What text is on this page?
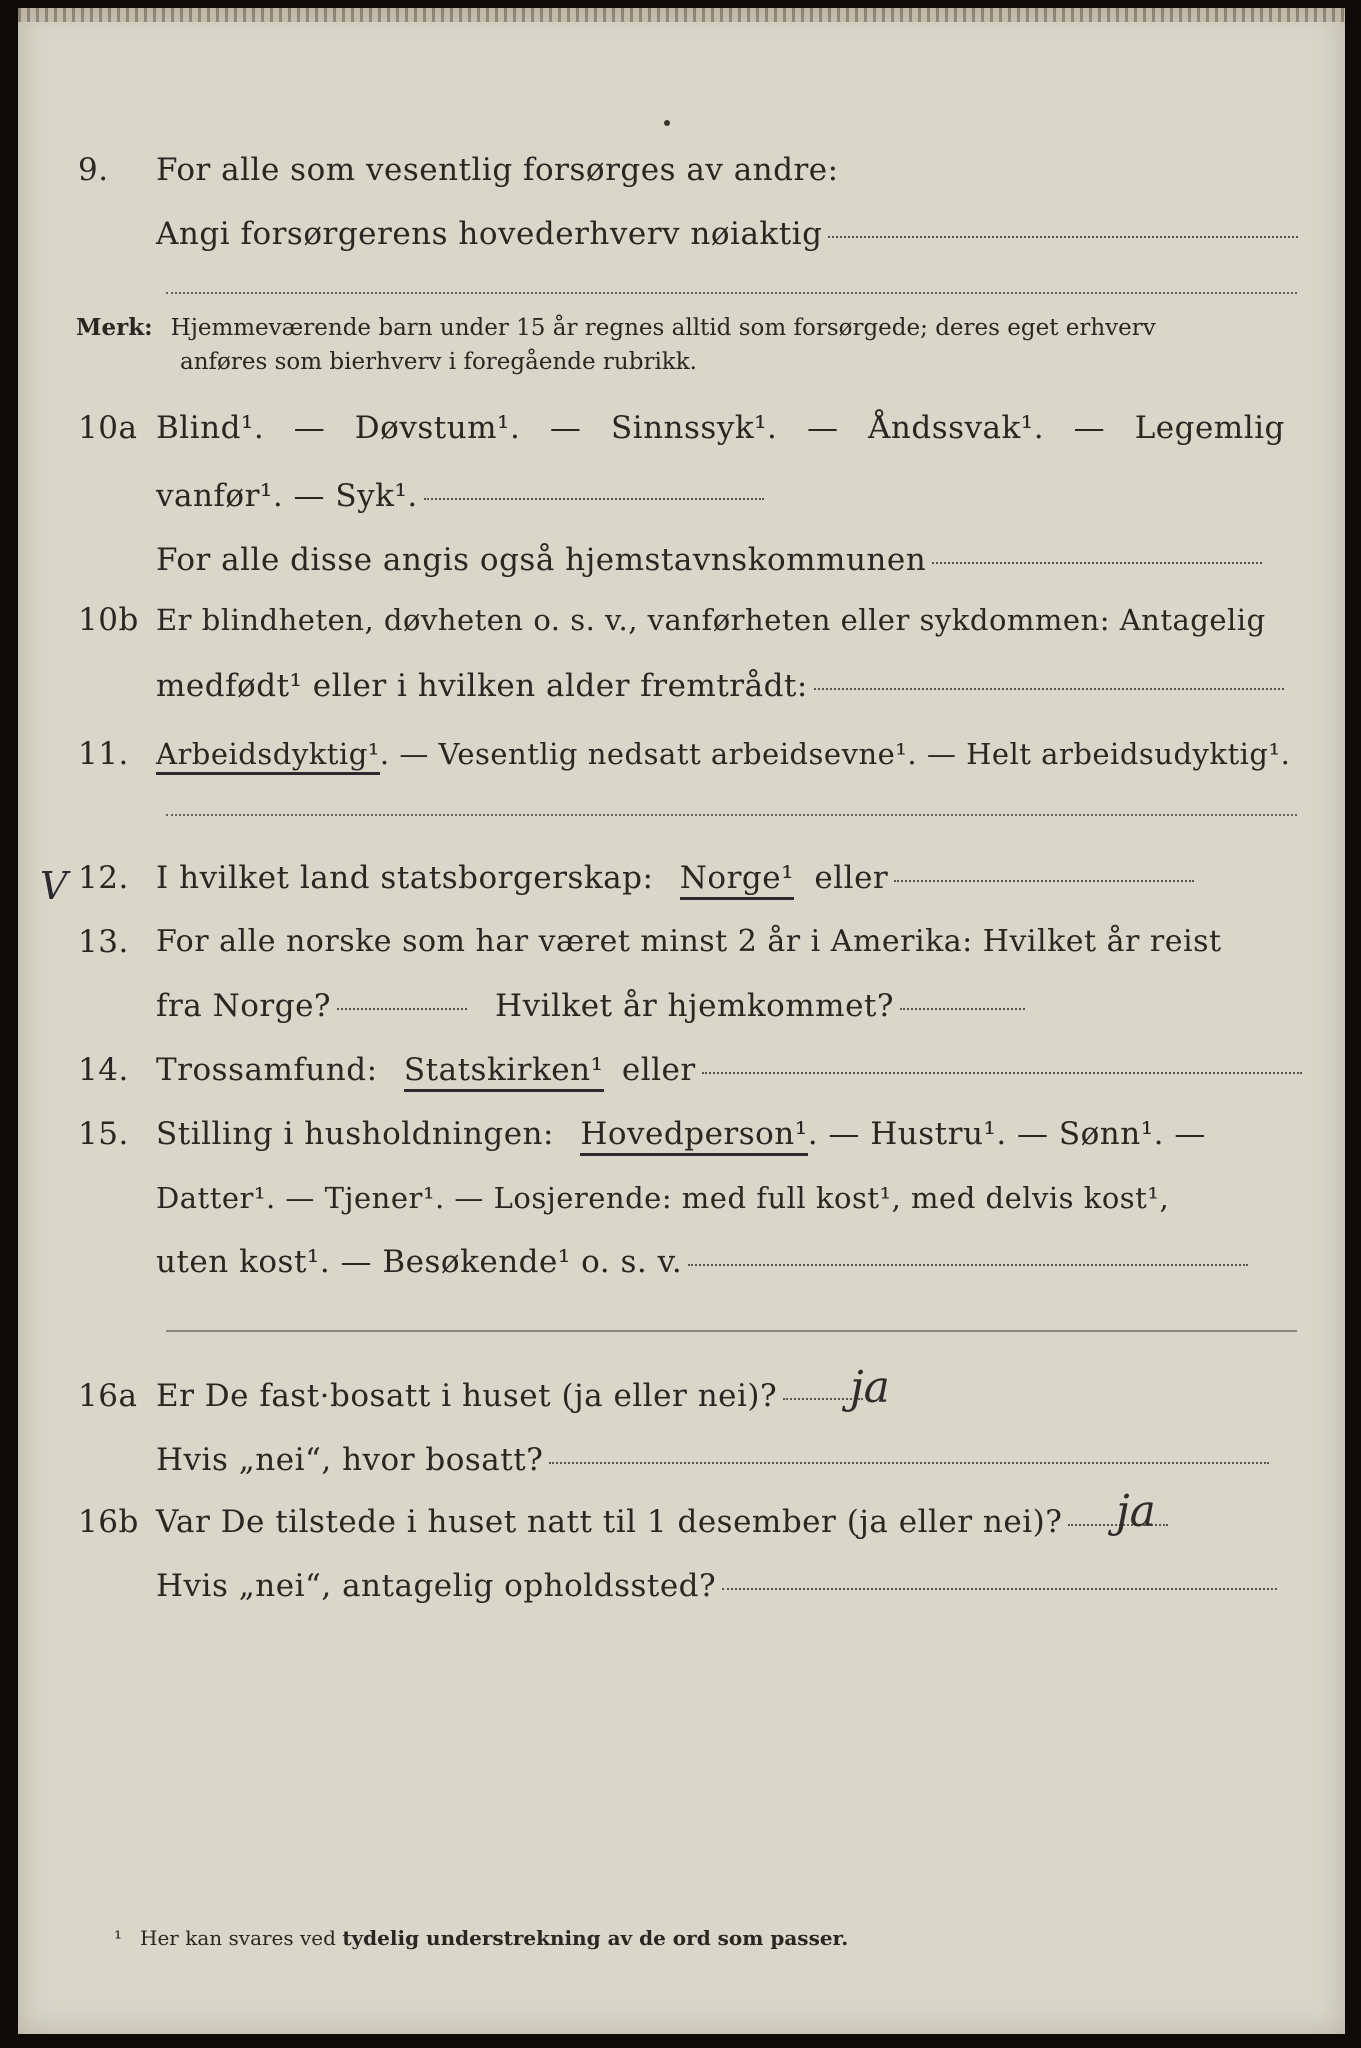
9. For alle som vesentlig forsørges av andre:
Angi forsørgerens hovederhverv nøiaktig
Merk: Hjemmeværende barn under 15 år regnes alltid som forsørgede; deres eget erhverv
anføres som bierhverv i foregående rubrikk.
10a Blind¹. — Døvstum¹. — Sinnssyk¹. — Åndssvak¹. — Legemlig
vanfør¹. — Syk¹.
For alle disse angis også hjemstavnskommunen
10b Er blindheten, døvheten o. s. v., vanførheten eller sykdommen: Antagelig
medfødt¹ eller i hvilken alder fremtrådt:
11. Arbeidsdyktig¹. — Vesentlig nedsatt arbeidsevne¹. — Helt arbeidsudyktig¹.
V 12. I hvilket land statsborgerskap: Norge¹ eller
13. For alle norske som har været minst 2 år i Amerika: Hvilket år reist
fra Norge?	Hvilket år hjemkommet?
14. Trossamfund: Statskirken¹ eller
15. Stilling i husholdningen: Hovedperson¹. — Hustru¹. — Sønn¹. —
Datter¹. — Tjener¹. — Losjerende: med full kost¹, med delvis kost¹,
uten kost¹. — Besøkende¹ o. s. v.
16a Er De fast·bosatt i huset (ja eller nei)?	ja
Hvis „nei“, hvor bosatt?
16b Var De tilstede i huset natt til 1 desember (ja eller nei)?	ja
Hvis „nei“, antagelig opholdssted?
¹ Her kan svares ved tydelig understrekning av de ord som passer.
